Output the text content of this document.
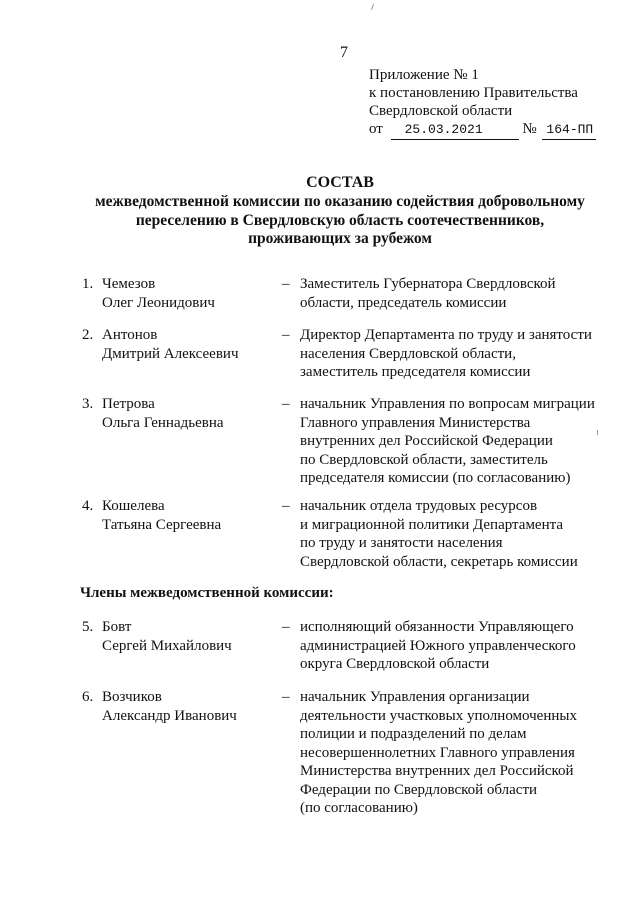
7
Приложение № 1
к постановлению Правительства
Свердловской области
от 25.03.2021	№ 164-ПП
СОСТАВ
межведомственной комиссии по оказанию содействия добровольному
переселению в Свердловскую область соотечественников,
проживающих за рубежом
1. Чемезов
Олег Леонидович
– Заместитель Губернатора Свердловской
области, председатель комиссии
2. Антонов
Дмитрий Алексеевич
– Директор Департамента по труду и занятости
населения Свердловской области,
заместитель председателя комиссии
3. Петрова
Ольга Геннадьевна
– начальник Управления по вопросам миграции
Главного управления Министерства
внутренних дел Российской Федерации
по Свердловской области, заместитель
председателя комиссии (по согласованию)
4. Кошелева
Татьяна Сергеевна
– начальник отдела трудовых ресурсов
и миграционной политики Департамента
по труду и занятости населения
Свердловской области, секретарь комиссии
Члены межведомственной комиссии:
5. Бовт
Сергей Михайлович
– исполняющий обязанности Управляющего
администрацией Южного управленческого
округа Свердловской области
6. Возчиков
Александр Иванович
– начальник Управления организации
деятельности участковых уполномоченных
полиции и подразделений по делам
несовершеннолетних Главного управления
Министерства внутренних дел Российской
Федерации по Свердловской области
(по согласованию)
